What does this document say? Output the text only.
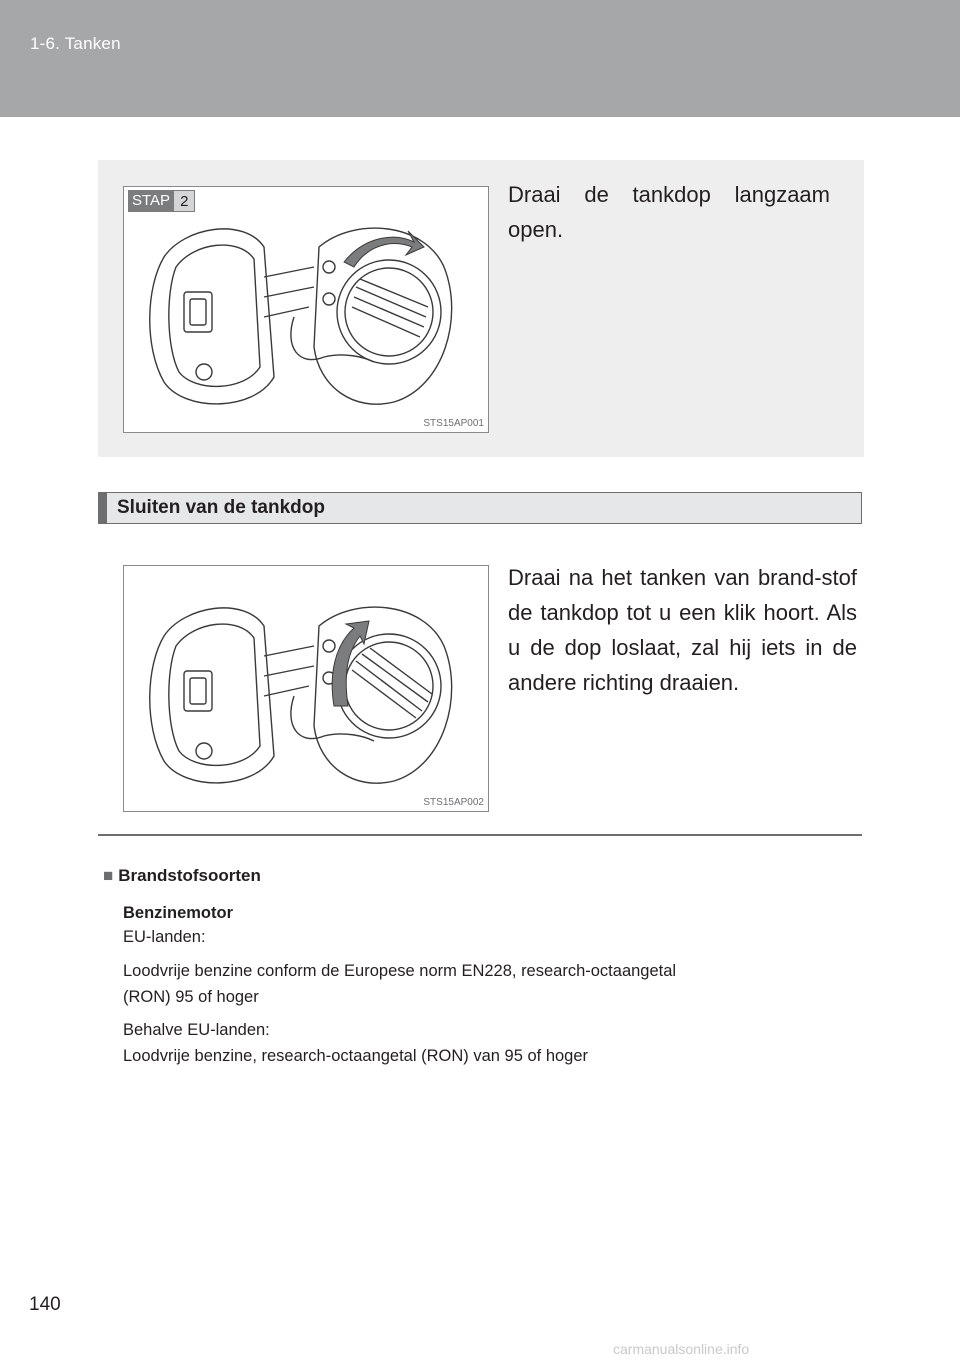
1-6. Tanken
STAP 2
STS15AP001
Draai de tankdop langzaam open.
Sluiten van de tankdop
STS15AP002
Draai na het tanken van brand-stof de tankdop tot u een klik hoort. Als u de dop loslaat, zal hij iets in de andere richting draaien.
■ Brandstofsoorten
Benzinemotor
EU-landen:
Loodvrije benzine conform de Europese norm EN228, research-octaangetal
(RON) 95 of hoger
Behalve EU-landen:
Loodvrije benzine, research-octaangetal (RON) van 95 of hoger
140
carmanualsonline.info
